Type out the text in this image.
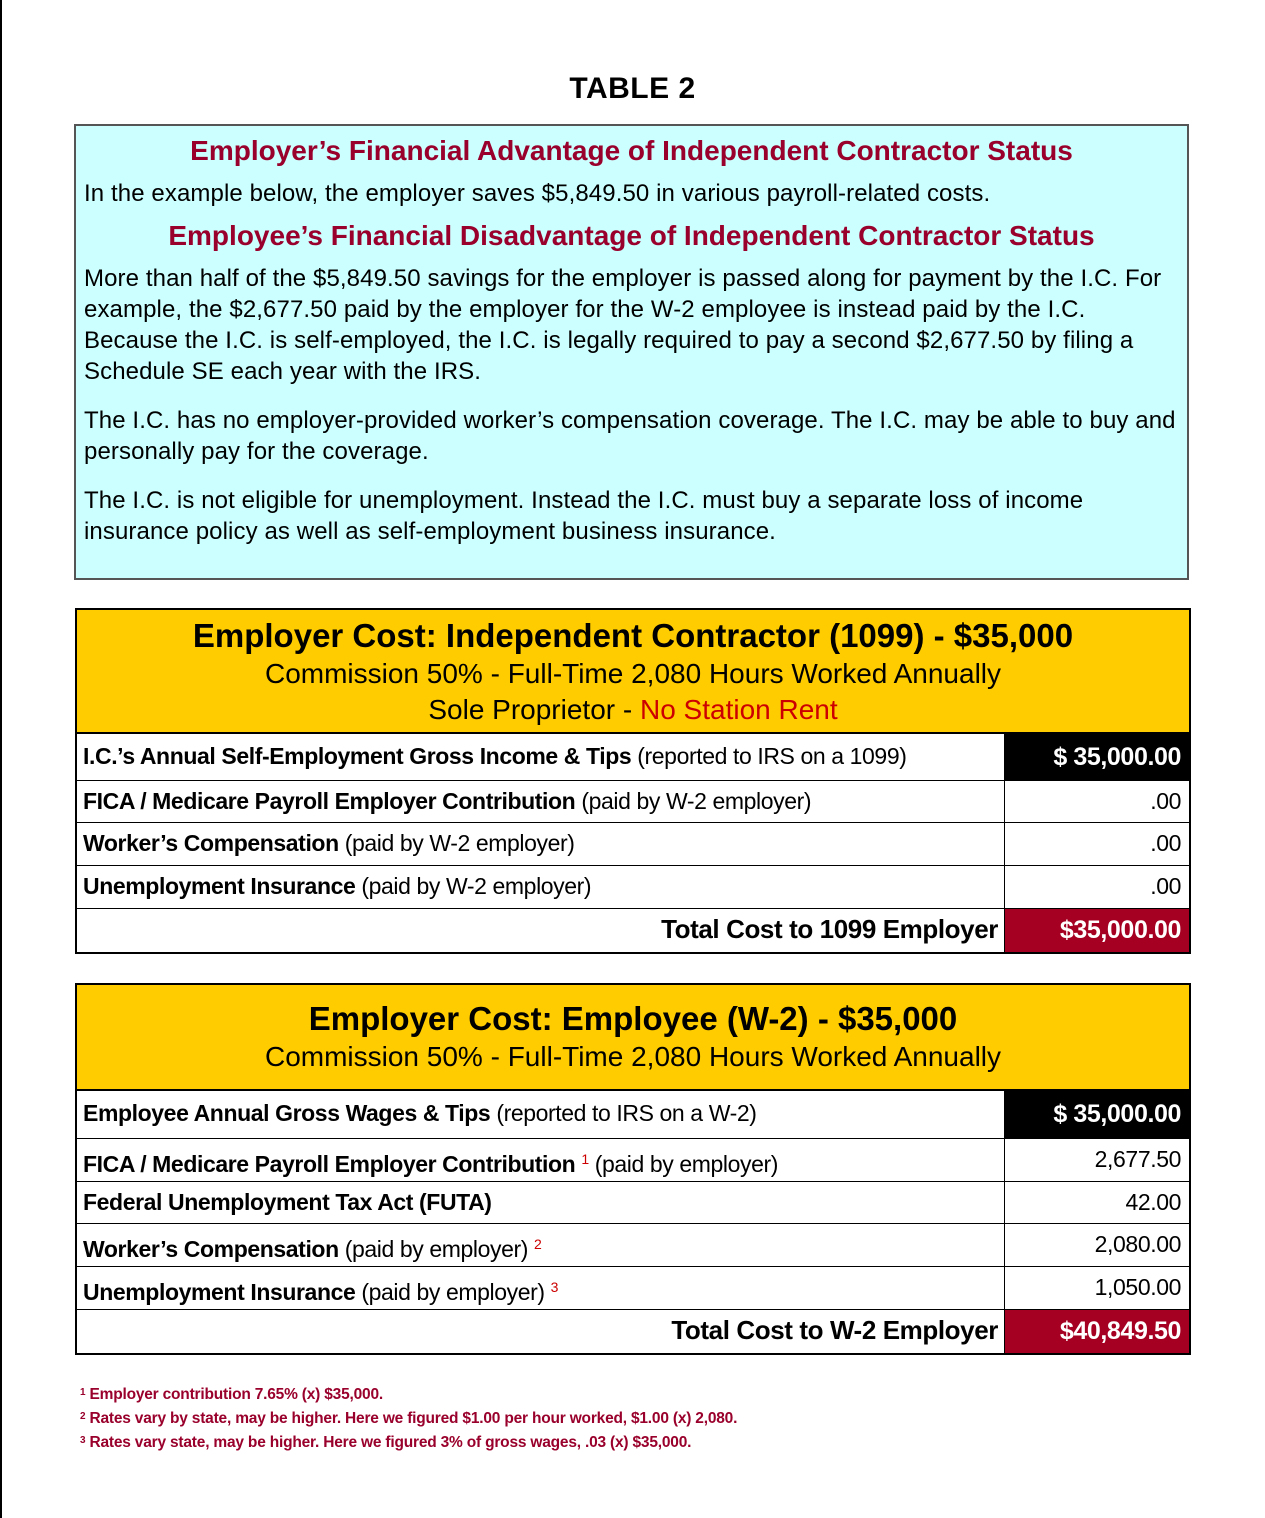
TABLE 2

Employer’s Financial Advantage of Independent Contractor Status

In the example below, the employer saves $5,849.50 in various payroll-related costs.

Employee’s Financial Disadvantage of Independent Contractor Status

More than half of the $5,849.50 savings for the employer is passed along for payment by the I.C. For example, the $2,677.50 paid by the employer for the W-2 employee is instead paid by the I.C. Because the I.C. is self-employed, the I.C. is legally required to pay a second $2,677.50 by filing a Schedule SE each year with the IRS.

The I.C. has no employer-provided worker’s compensation coverage. The I.C. may be able to buy and personally pay for the coverage.

The I.C. is not eligible for unemployment. Instead the I.C. must buy a separate loss of income insurance policy as well as self-employment business insurance.

Employer Cost: Independent Contractor (1099) - $35,000
Commission 50% - Full-Time 2,080 Hours Worked Annually
Sole Proprietor - No Station Rent
I.C.’s Annual Self-Employment Gross Income & Tips (reported to IRS on a 1099)	$ 35,000.00
FICA / Medicare Payroll Employer Contribution (paid by W-2 employer)	.00
Worker’s Compensation (paid by W-2 employer)	.00
Unemployment Insurance (paid by W-2 employer)	.00
Total Cost to 1099 Employer	$35,000.00
Employer Cost: Employee (W-2) - $35,000
Commission 50% - Full-Time 2,080 Hours Worked Annually
Employee Annual Gross Wages & Tips (reported to IRS on a W-2)	$ 35,000.00
FICA / Medicare Payroll Employer Contribution $^1$ (paid by employer)	2,677.50
Federal Unemployment Tax Act (FUTA)	42.00
Worker’s Compensation (paid by employer) $^2$	2,080.00
Unemployment Insurance (paid by employer) $^3$	1,050.00
Total Cost to W-2 Employer	$40,849.50
$^1$ Employer contribution 7.65% (x) $35,000.
$^2$ Rates vary by state, may be higher. Here we figured $1.00 per hour worked, $1.00 (x) 2,080.
$^3$ Rates vary state, may be higher. Here we figured 3% of gross wages, .03 (x) $35,000.
